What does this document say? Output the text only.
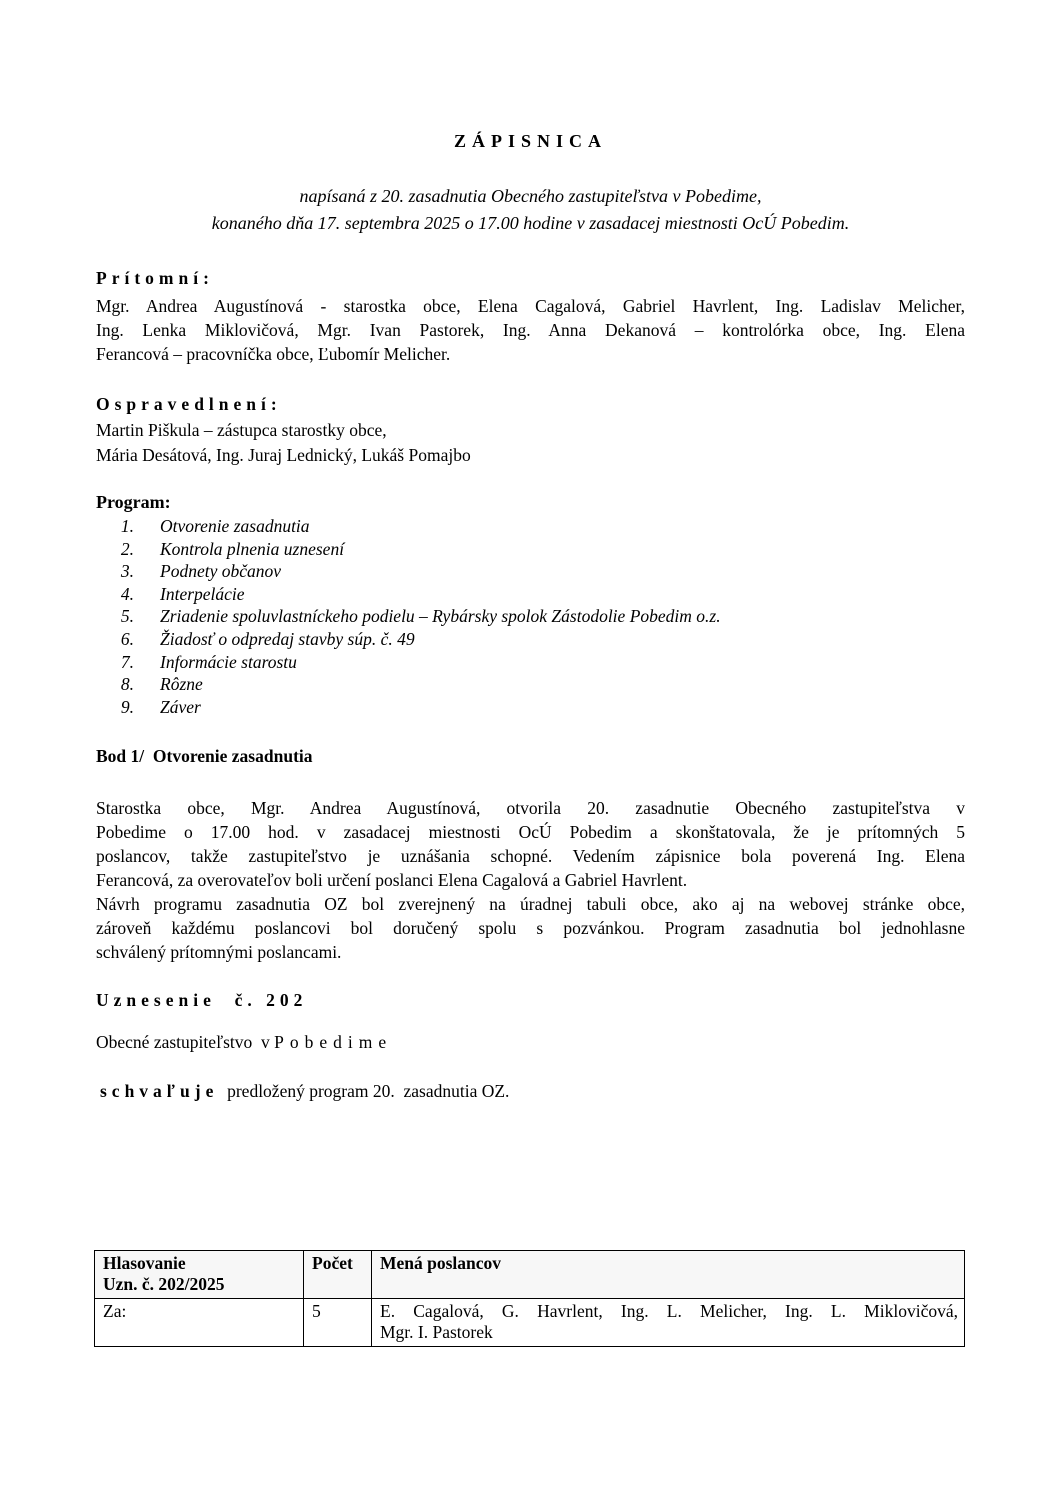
ZÁPISNICA
napísaná z 20. zasadnutia Obecného zastupiteľstva v Pobedime,
konaného dňa 17. septembra 2025 o 17.00 hodine v zasadacej miestnosti OcÚ Pobedim.
Prítomní:
Mgr. Andrea Augustínová - starostka obce, Elena Cagalová, Gabriel Havrlent, Ing. Ladislav Melicher,
Ing. Lenka Miklovičová, Mgr. Ivan Pastorek, Ing. Anna Dekanová – kontrolórka obce, Ing. Elena
Ferancová – pracovníčka obce, Ľubomír Melicher.
Ospravedlnení:
Martin Piškula – zástupca starostky obce,
Mária Desátová, Ing. Juraj Lednický, Lukáš Pomajbo
Program:
1. Otvorenie zasadnutia
2. Kontrola plnenia uznesení
3. Podnety občanov
4. Interpelácie
5. Zriadenie spoluvlastníckeho podielu – Rybársky spolok Zástodolie Pobedim o.z.
6. Žiadosť o odpredaj stavby súp. č. 49
7. Informácie starostu
8. Rôzne
9. Záver
Bod 1/  Otvorenie zasadnutia
Starostka obce, Mgr. Andrea Augustínová, otvorila 20. zasadnutie Obecného zastupiteľstva v
Pobedime o 17.00 hod. v zasadacej miestnosti OcÚ Pobedim a skonštatovala, že je prítomných 5
poslancov, takže zastupiteľstvo je uznášania schopné. Vedením zápisnice bola poverená Ing. Elena
Ferancová, za overovateľov boli určení poslanci Elena Cagalová a Gabriel Havrlent.
Návrh programu zasadnutia OZ bol zverejnený na úradnej tabuli obce, ako aj na webovej stránke obce,
zároveň každému poslancovi bol doručený spolu s pozvánkou. Program zasadnutia bol jednohlasne
schválený prítomnými poslancami.
Uznesenie  č. 202
Obecné zastupiteľstvo  v Pobedime
schvaľuje  predložený program 20.  zasadnutia OZ.
Hlasovanie
Uzn. č. 202/2025	Počet	Mená poslancov
Za:	5	E. Cagalová, G. Havrlent, Ing. L. Melicher, Ing. L. Miklovičová,
Mgr. I. Pastorek
